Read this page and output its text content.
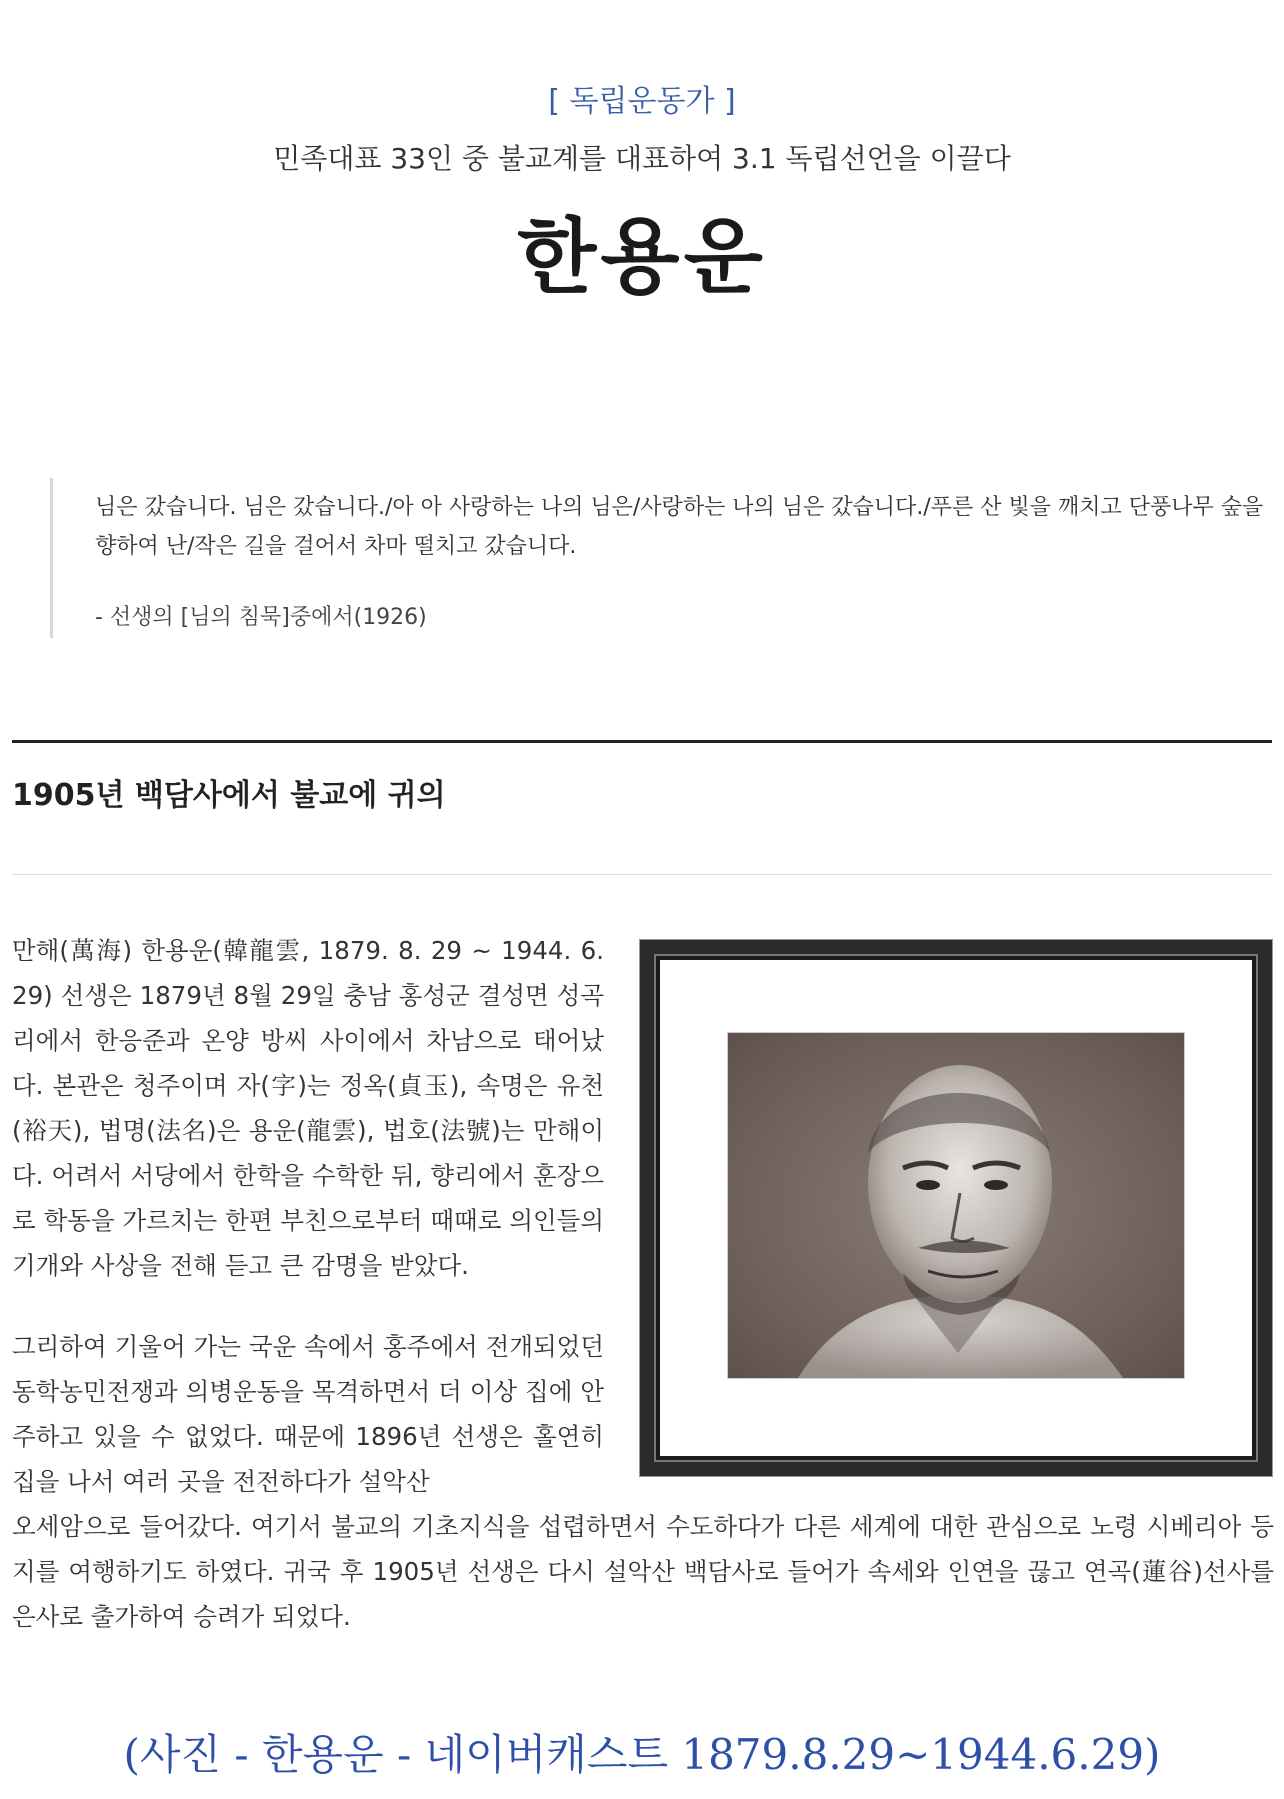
[ 독립운동가 ]
민족대표 33인 중 불교계를 대표하여 3.1 독립선언을 이끌다
한용운
님은 갔습니다. 님은 갔습니다./아 아 사랑하는 나의 님은/사랑하는 나의 님은 갔습니다./푸른 산 빛을 깨치고 단풍나무 숲을 향하여 난/작은 길을 걸어서 차마 떨치고 갔습니다.
- 선생의 [님의 침묵]중에서(1926)
1905년 백담사에서 불교에 귀의

만해(萬海) 한용운(韓龍雲, 1879. 8. 29 ~ 1944. 6. 29) 선생은 1879년 8월 29일 충남 홍성군 결성면 성곡리에서 한응준과 온양 방씨 사이에서 차남으로 태어났다. 본관은 청주이며 자(字)는 정옥(貞玉), 속명은 유천(裕天), 법명(法名)은 용운(龍雲), 법호(法號)는 만해이다. 어려서 서당에서 한학을 수학한 뒤, 향리에서 훈장으로 학동을 가르치는 한편 부친으로부터 때때로 의인들의 기개와 사상을 전해 듣고 큰 감명을 받았다.

그리하여 기울어 가는 국운 속에서 홍주에서 전개되었던 동학농민전쟁과 의병운동을 목격하면서 더 이상 집에 안주하고 있을 수 없었다. 때문에 1896년 선생은 홀연히 집을 나서 여러 곳을 전전하다가 설악산

오세암으로 들어갔다. 여기서 불교의 기초지식을 섭렵하면서 수도하다가 다른 세계에 대한 관심으로 노령 시베리아 등지를 여행하기도 하였다. 귀국 후 1905년 선생은 다시 설악산 백담사로 들어가 속세와 인연을 끊고 연곡(蓮谷)선사를 은사로 출가하여 승려가 되었다.

(사진 - 한용운 - 네이버캐스트 1879.8.29~1944.6.29)
